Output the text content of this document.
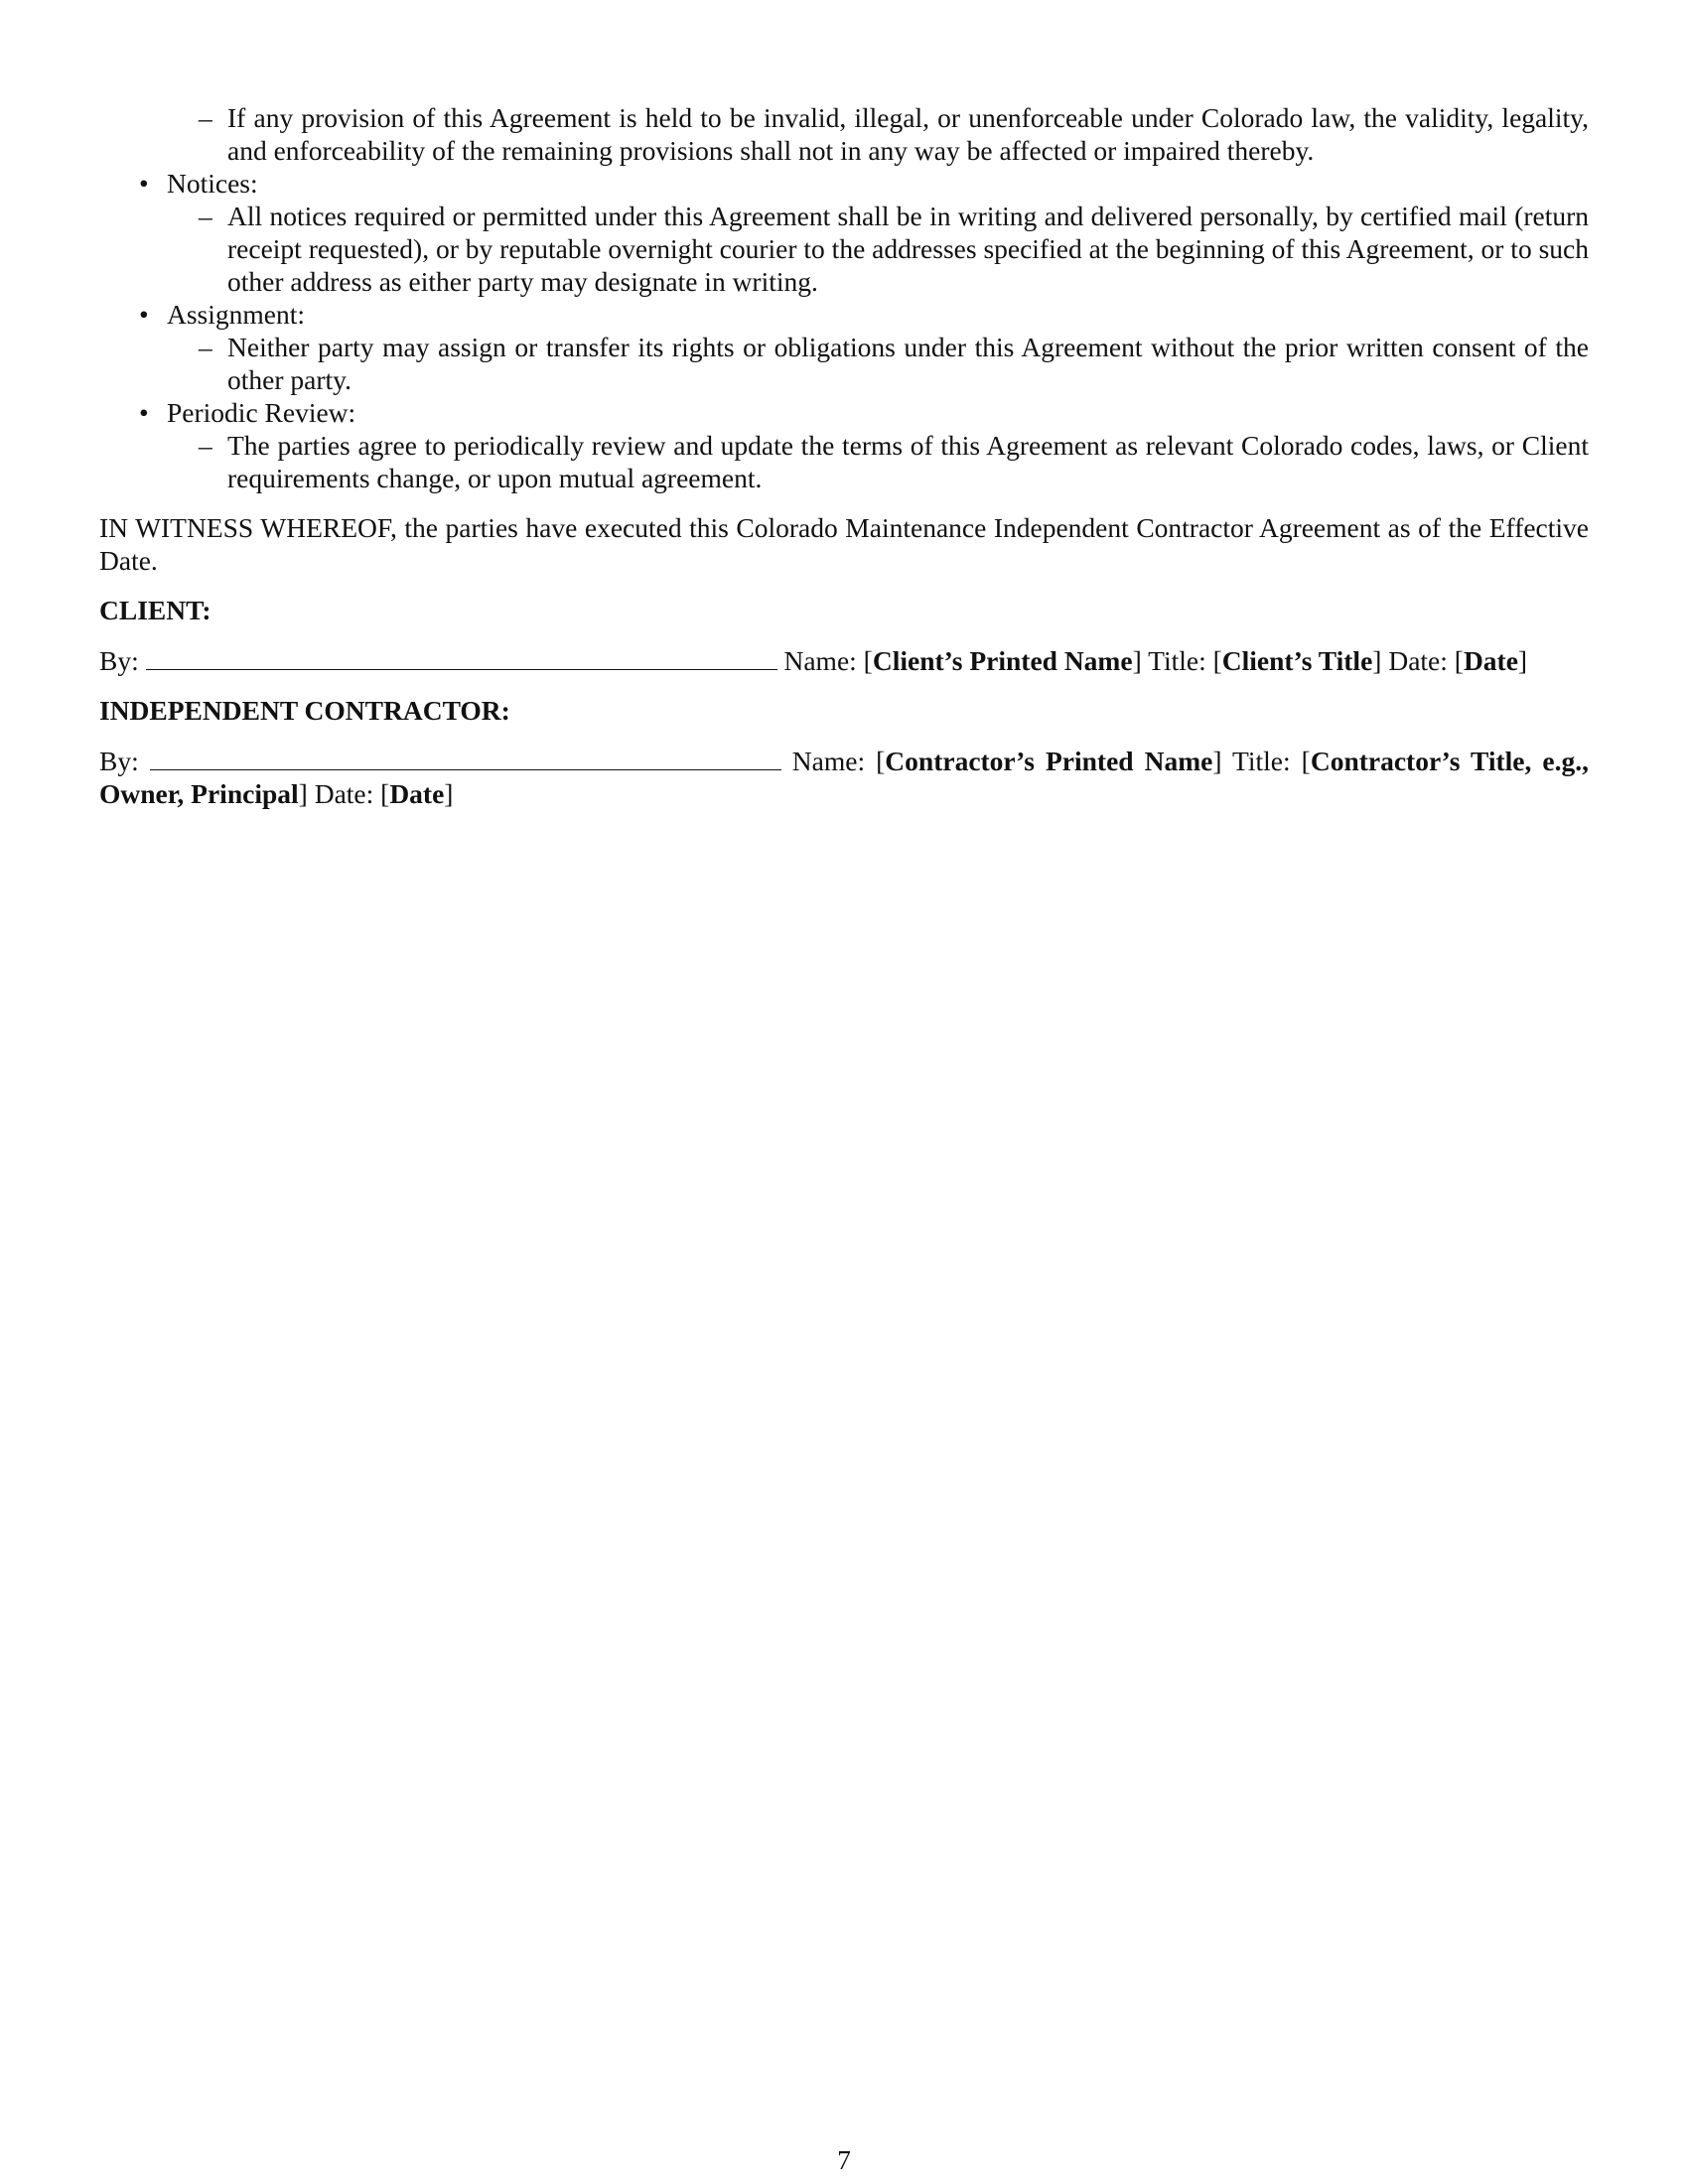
– If any provision of this Agreement is held to be invalid, illegal, or unenforceable under Colorado law, the validity, legality, and enforceability of the remaining provisions shall not in any way be affected or impaired thereby.
• Notices:
– All notices required or permitted under this Agreement shall be in writing and delivered personally, by certified mail (return receipt requested), or by reputable overnight courier to the addresses specified at the beginning of this Agreement, or to such other address as either party may designate in writing.
• Assignment:
– Neither party may assign or transfer its rights or obligations under this Agreement without the prior written consent of the other party.
• Periodic Review:
– The parties agree to periodically review and update the terms of this Agreement as relevant Colorado codes, laws, or Client requirements change, or upon mutual agreement.
IN WITNESS WHEREOF, the parties have executed this Colorado Maintenance Independent Contractor Agreement as of the Effective Date.
CLIENT:
By:	Name: [Client’s Printed Name] Title: [Client’s Title] Date: [Date]
INDEPENDENT CONTRACTOR:
By:	Name: [Contractor’s Printed Name] Title: [Contractor’s Title, e.g., Owner, Principal] Date: [Date]
7
